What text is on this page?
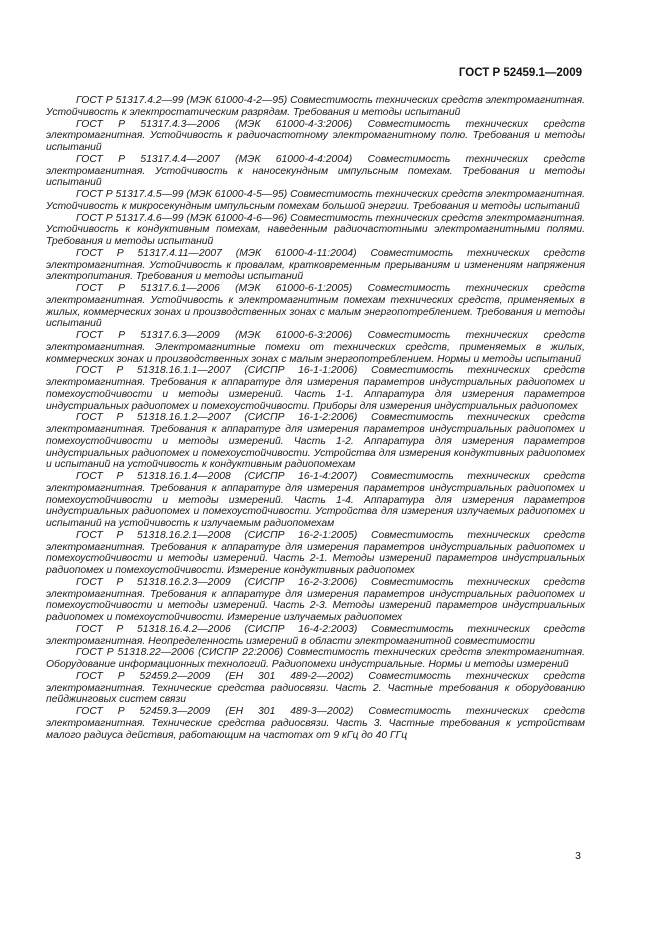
ГОСТ Р 52459.1—2009

ГОСТ Р 51317.4.2—99 (МЭК 61000-4-2—95) Совместимость технических средств электромагнитная. Устойчивость к электростатическим разрядам. Требования и методы испытаний

ГОСТ Р 51317.4.3—2006 (МЭК 61000-4-3:2006) Совместимость технических средств электромагнитная. Устойчивость к радиочастотному электромагнитному полю. Требования и методы испытаний

ГОСТ Р 51317.4.4—2007 (МЭК 61000-4-4:2004) Совместимость технических средств электромагнитная. Устойчивость к наносекундным импульсным помехам. Требования и методы испытаний

ГОСТ Р 51317.4.5—99 (МЭК 61000-4-5—95) Совместимость технических средств электромагнитная. Устойчивость к микросекундным импульсным помехам большой энергии. Требования и методы испытаний

ГОСТ Р 51317.4.6—99 (МЭК 61000-4-6—96) Совместимость технических средств электромагнитная. Устойчивость к кондуктивным помехам, наведенным радиочастотными электромагнитными полями. Требования и методы испытаний

ГОСТ Р 51317.4.11—2007 (МЭК 61000-4-11:2004) Совместимость технических средств электромагнитная. Устойчивость к провалам, кратковременным прерываниям и изменениям напряжения электропитания. Требования и методы испытаний

ГОСТ Р 51317.6.1—2006 (МЭК 61000-6-1:2005) Совместимость технических средств электромагнитная. Устойчивость к электромагнитным помехам технических средств, применяемых в жилых, коммерческих зонах и производственных зонах с малым энергопотреблением. Требования и методы испытаний

ГОСТ Р 51317.6.3—2009 (МЭК 61000-6-3:2006) Совместимость технических средств электромагнитная. Электромагнитные помехи от технических средств, применяемых в жилых, коммерческих зонах и производственных зонах с малым энергопотреблением. Нормы и методы испытаний

ГОСТ Р 51318.16.1.1—2007 (СИСПР 16-1-1:2006) Совместимость технических средств электромагнитная. Требования к аппаратуре для измерения параметров индустриальных радиопомех и помехоустойчивости и методы измерений. Часть 1-1. Аппаратура для измерения параметров индустриальных радиопомех и помехоустойчивости. Приборы для измерения индустриальных радиопомех

ГОСТ Р 51318.16.1.2—2007 (СИСПР 16-1-2:2006) Совместимость технических средств электромагнитная. Требования к аппаратуре для измерения параметров индустриальных радиопомех и помехоустойчивости и методы измерений. Часть 1-2. Аппаратура для измерения параметров индустриальных радиопомех и помехоустойчивости. Устройства для измерения кондуктивных радиопомех и испытаний на устойчивость к кондуктивным радиопомехам

ГОСТ Р 51318.16.1.4—2008 (СИСПР 16-1-4:2007) Совместимость технических средств электромагнитная. Требования к аппаратуре для измерения параметров индустриальных радиопомех и помехоустойчивости и методы измерений. Часть 1-4. Аппаратура для измерения параметров индустриальных радиопомех и помехоустойчивости. Устройства для измерения излучаемых радиопомех и испытаний на устойчивость к излучаемым радиопомехам

ГОСТ Р 51318.16.2.1—2008 (СИСПР 16-2-1:2005) Совместимость технических средств электромагнитная. Требования к аппаратуре для измерения параметров индустриальных радиопомех и помехоустойчивости и методы измерений. Часть 2-1. Методы измерений параметров индустриальных радиопомех и помехоустойчивости. Измерение кондуктивных радиопомех

ГОСТ Р 51318.16.2.3—2009 (СИСПР 16-2-3:2006) Совместимость технических средств электромагнитная. Требования к аппаратуре для измерения параметров индустриальных радиопомех и помехоустойчивости и методы измерений. Часть 2-3. Методы измерений параметров индустриальных радиопомех и помехоустойчивости. Измерение излучаемых радиопомех

ГОСТ Р 51318.16.4.2—2006 (СИСПР 16-4-2:2003) Совместимость технических средств электромагнитная. Неопределенность измерений в области электромагнитной совместимости

ГОСТ Р 51318.22—2006 (СИСПР 22:2006) Совместимость технических средств электромагнитная. Оборудование информационных технологий. Радиопомехи индустриальные. Нормы и методы измерений

ГОСТ Р 52459.2—2009 (ЕН 301 489-2—2002) Совместимость технических средств электромагнитная. Технические средства радиосвязи. Часть 2. Частные требования к оборудованию пейджинговых систем связи

ГОСТ Р 52459.3—2009 (ЕН 301 489-3—2002) Совместимость технических средств электромагнитная. Технические средства радиосвязи. Часть 3. Частные требования к устройствам малого радиуса действия, работающим на частотах от 9 кГц до 40 ГГц

3
